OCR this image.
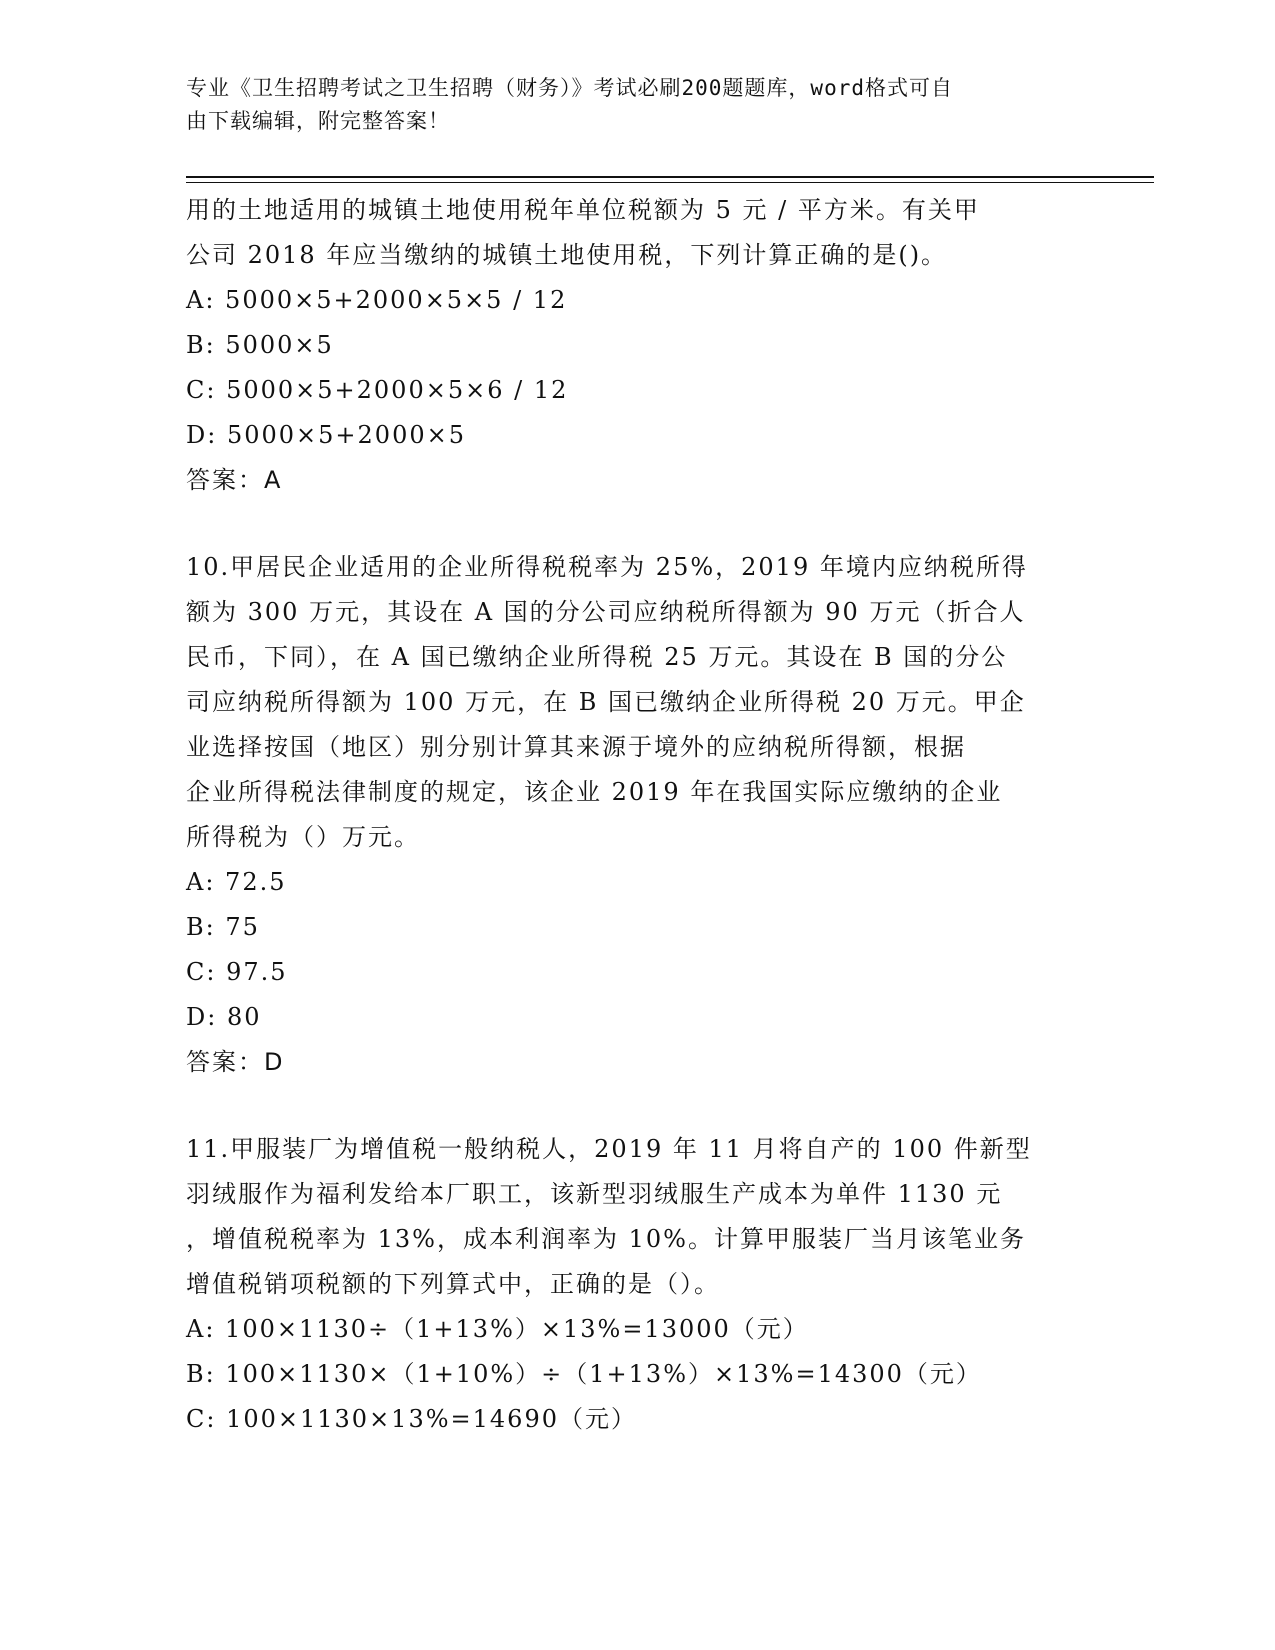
专业《卫生招聘考试之卫生招聘（财务）》考试必刷200题题库，word格式可自
由下载编辑，附完整答案！
用的土地适用的城镇土地使用税年单位税额为 5 元 / 平方米。有关甲
公司 2018 年应当缴纳的城镇土地使用税，下列计算正确的是()。
A: 5000×5+2000×5×5 / 12
B: 5000×5
C: 5000×5+2000×5×6 / 12
D: 5000×5+2000×5
答案：A
10.甲居民企业适用的企业所得税税率为 25%，2019 年境内应纳税所得
额为 300 万元，其设在 A 国的分公司应纳税所得额为 90 万元（折合人
民币，下同），在 A 国已缴纳企业所得税 25 万元。其设在 B 国的分公
司应纳税所得额为 100 万元，在 B 国已缴纳企业所得税 20 万元。甲企
业选择按国（地区）别分别计算其来源于境外的应纳税所得额，根据
企业所得税法律制度的规定，该企业 2019 年在我国实际应缴纳的企业
所得税为（）万元。
A: 72.5
B: 75
C: 97.5
D: 80
答案：D
11.甲服装厂为增值税一般纳税人，2019 年 11 月将自产的 100 件新型
羽绒服作为福利发给本厂职工，该新型羽绒服生产成本为单件 1130 元
，增值税税率为 13%，成本利润率为 10%。计算甲服装厂当月该笔业务
增值税销项税额的下列算式中，正确的是（）。
A: 100×1130÷（1+13%）×13%=13000（元）
B: 100×1130×（1+10%）÷（1+13%）×13%=14300（元）
C: 100×1130×13%=14690（元）
